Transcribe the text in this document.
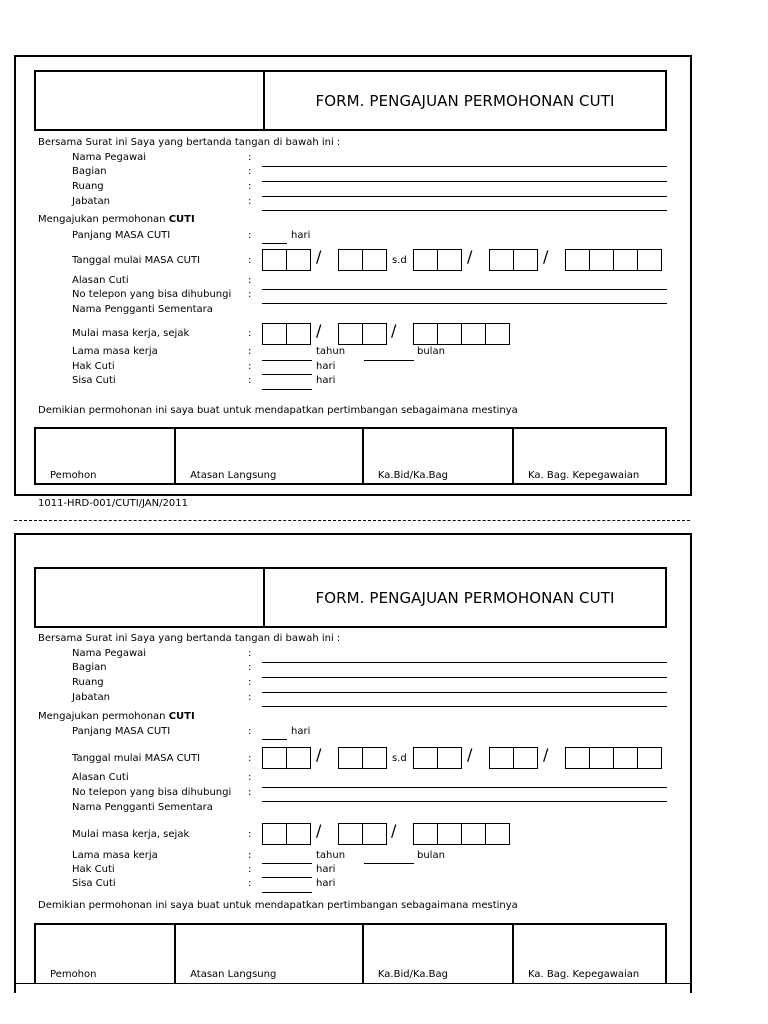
FORM. PENGAJUAN PERMOHONAN CUTI
Bersama Surat ini Saya yang bertanda tangan di bawah ini :
Nama Pegawai	:
Bagian	:
Ruang	:
Jabatan	:
Mengajukan permohonan CUTI
Panjang MASA CUTI	:	hari
Tanggal mulai MASA CUTI	:	/	s.d	/	/
Alasan Cuti	:
No telepon yang bisa dihubungi :
Nama Pengganti Sementara
Mulai masa kerja, sejak	:	/	/
Lama masa kerja	:	tahun	bulan
Hak Cuti	:	hari
Sisa Cuti	:	hari
Demikian permohonan ini saya buat untuk mendapatkan pertimbangan sebagaimana mestinya
Pemohon	Atasan Langsung	Ka.Bid/Ka.Bag	Ka. Bag. Kepegawaian
1011-HRD-001/CUTI/JAN/2011
FORM. PENGAJUAN PERMOHONAN CUTI
Bersama Surat ini Saya yang bertanda tangan di bawah ini :
Nama Pegawai	:
Bagian	:
Ruang	:
Jabatan	:
Mengajukan permohonan CUTI
Panjang MASA CUTI	:	hari
Tanggal mulai MASA CUTI	:	/	s.d	/	/
Alasan Cuti	:
No telepon yang bisa dihubungi :
Nama Pengganti Sementara
Mulai masa kerja, sejak	:	/	/
Lama masa kerja	:	tahun	bulan
Hak Cuti	:	hari
Sisa Cuti	:	hari
Demikian permohonan ini saya buat untuk mendapatkan pertimbangan sebagaimana mestinya
Pemohon	Atasan Langsung	Ka.Bid/Ka.Bag	Ka. Bag. Kepegawaian
